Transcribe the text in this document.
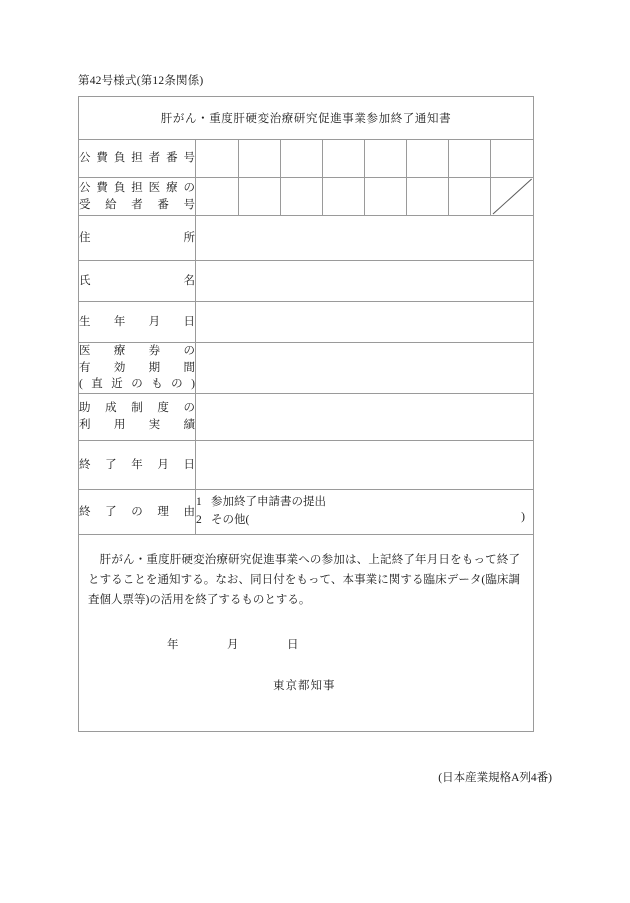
第42号様式(第12条関係)
肝がん・重度肝硬変治療研究促進事業参加終了通知書

公費負担者番号

公費負担医療の
受給者番号

住所

氏名

生年月日

医療券の
有効期間
(直近のもの)

助成制度の
利用実績

終了年月日

終了の理由

1 参加終了申請書の提出
2 その他(	)

　肝がん・重度肝硬変治療研究促進事業への参加は、上記終了年月日をもって終了とすることを通知する。なお、同日付をもって、本事業に関する臨床データ(臨床調査個人票等)の活用を終了するものとする。
年	月	日
東京都知事
(日本産業規格A列4番)
